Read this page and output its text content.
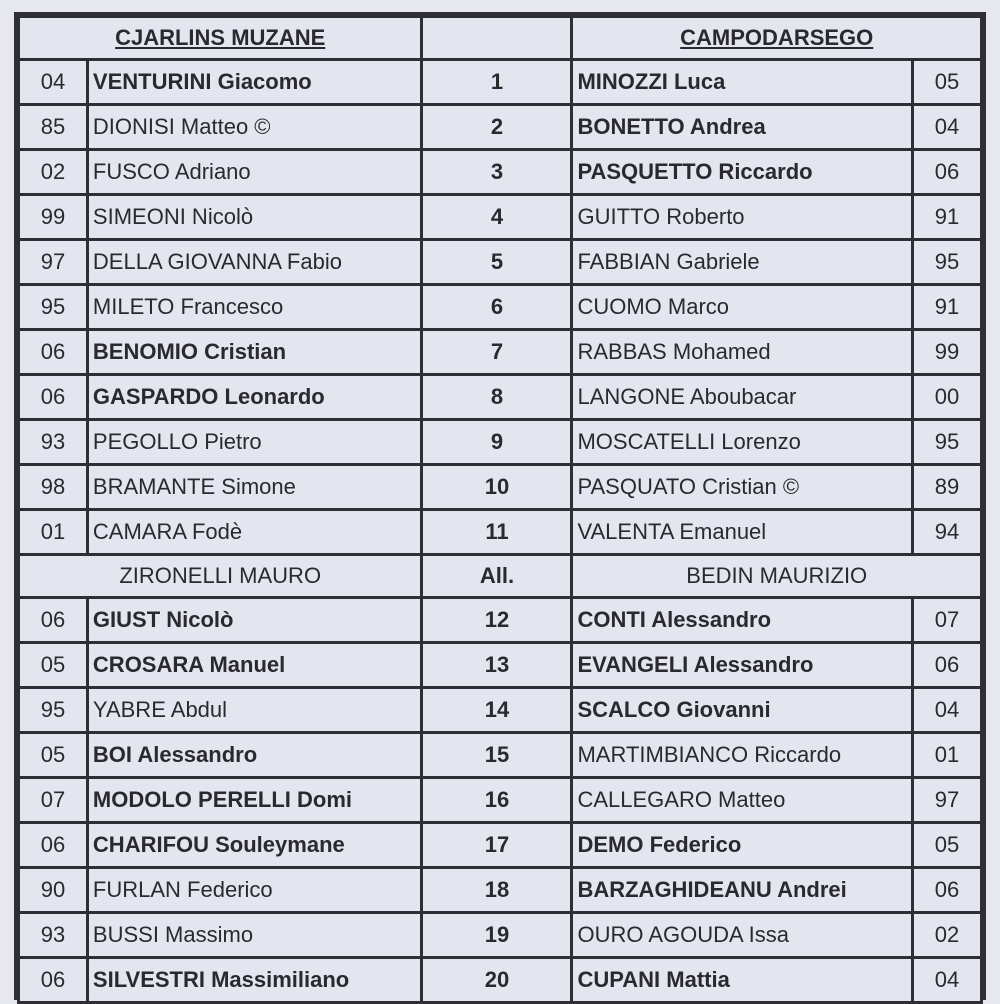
CJARLINS MUZANE			CAMPODARSEGO	
04	VENTURINI Giacomo	1	MINOZZI Luca	05
85	DIONISI Matteo ©	2	BONETTO Andrea	04
02	FUSCO Adriano	3	PASQUETTO Riccardo	06
99	SIMEONI Nicolò	4	GUITTO Roberto	91
97	DELLA GIOVANNA Fabio	5	FABBIAN Gabriele	95
95	MILETO Francesco	6	CUOMO Marco	91
06	BENOMIO Cristian	7	RABBAS Mohamed	99
06	GASPARDO Leonardo	8	LANGONE Aboubacar	00
93	PEGOLLO Pietro	9	MOSCATELLI Lorenzo	95
98	BRAMANTE Simone	10	PASQUATO Cristian ©	89
01	CAMARA Fodè	11	VALENTA Emanuel	94
ZIRONELLI MAURO		All.	BEDIN MAURIZIO	
06	GIUST Nicolò	12	CONTI Alessandro	07
05	CROSARA Manuel	13	EVANGELI Alessandro	06
95	YABRE Abdul	14	SCALCO Giovanni	04
05	BOI Alessandro	15	MARTIMBIANCO Riccardo	01
07	MODOLO PERELLI Domi	16	CALLEGARO Matteo	97
06	CHARIFOU Souleymane	17	DEMO Federico	05
90	FURLAN Federico	18	BARZAGHIDEANU Andrei	06
93	BUSSI Massimo	19	OURO AGOUDA Issa	02
06	SILVESTRI Massimiliano	20	CUPANI Mattia	04
